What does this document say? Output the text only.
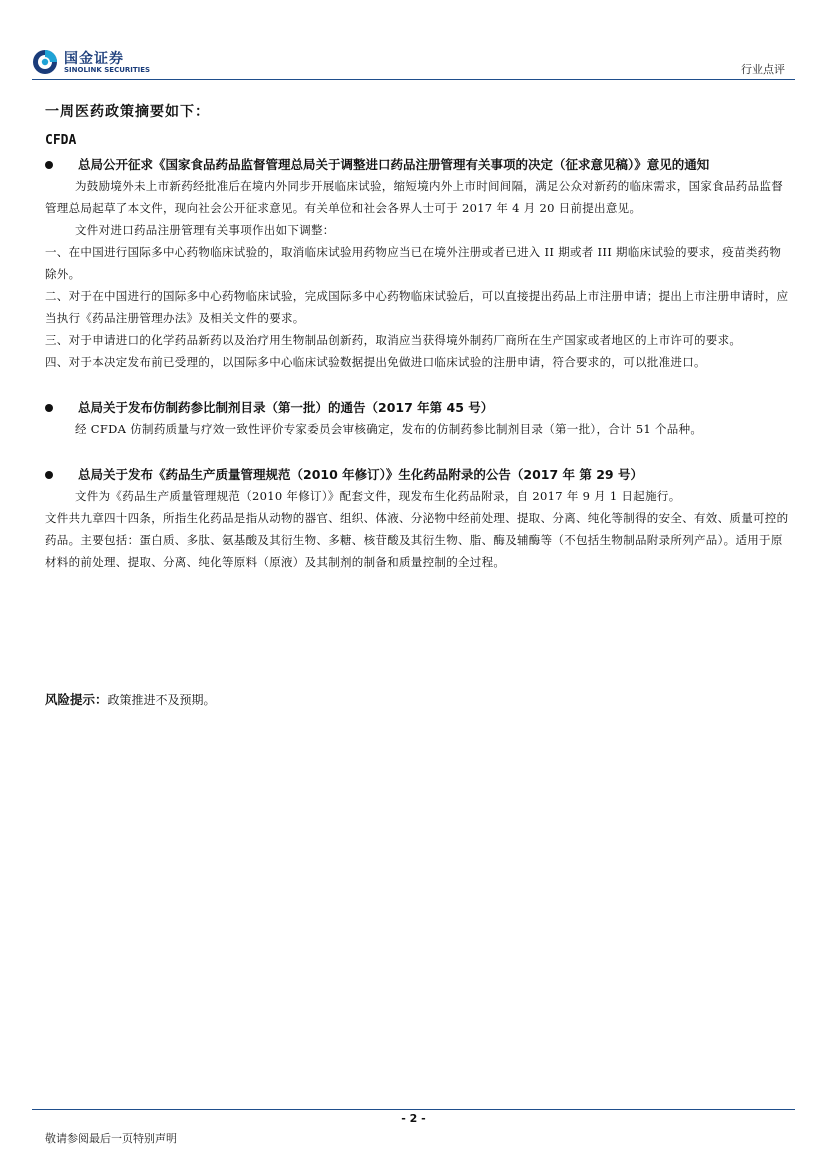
国金证券
SINOLINK SECURITIES	行业点评
一周医药政策摘要如下：
CFDA
总局公开征求《国家食品药品监督管理总局关于调整进口药品注册管理有关事项的决定（征求意见稿）》意见的通知

为鼓励境外未上市新药经批准后在境内外同步开展临床试验，缩短境内外上市时间间隔，满足公众对新药的临床需求，国家食品药品监督管理总局起草了本文件，现向社会公开征求意见。有关单位和社会各界人士可于 2017 年 4 月 20 日前提出意见。

文件对进口药品注册管理有关事项作出如下调整：

一、在中国进行国际多中心药物临床试验的，取消临床试验用药物应当已在境外注册或者已进入 II 期或者 III 期临床试验的要求，疫苗类药物除外。

二、对于在中国进行的国际多中心药物临床试验，完成国际多中心药物临床试验后，可以直接提出药品上市注册申请；提出上市注册申请时，应当执行《药品注册管理办法》及相关文件的要求。

三、对于申请进口的化学药品新药以及治疗用生物制品创新药，取消应当获得境外制药厂商所在生产国家或者地区的上市许可的要求。

四、对于本决定发布前已受理的，以国际多中心临床试验数据提出免做进口临床试验的注册申请，符合要求的，可以批准进口。

总局关于发布仿制药参比制剂目录（第一批）的通告（2017 年第 45 号）

经 CFDA 仿制药质量与疗效一致性评价专家委员会审核确定，发布的仿制药参比制剂目录（第一批），合计 51 个品种。

总局关于发布《药品生产质量管理规范（2010 年修订）》生化药品附录的公告（2017 年 第 29 号）

文件为《药品生产质量管理规范（2010 年修订）》配套文件，现发布生化药品附录，自 2017 年 9 月 1 日起施行。

文件共九章四十四条，所指生化药品是指从动物的器官、组织、体液、分泌物中经前处理、提取、分离、纯化等制得的安全、有效、质量可控的药品。主要包括：蛋白质、多肽、氨基酸及其衍生物、多糖、核苷酸及其衍生物、脂、酶及辅酶等（不包括生物制品附录所列产品）。适用于原材料的前处理、提取、分离、纯化等原料（原液）及其制剂的制备和质量控制的全过程。

风险提示：政策推进不及预期。
- 2 -
敬请参阅最后一页特别声明
